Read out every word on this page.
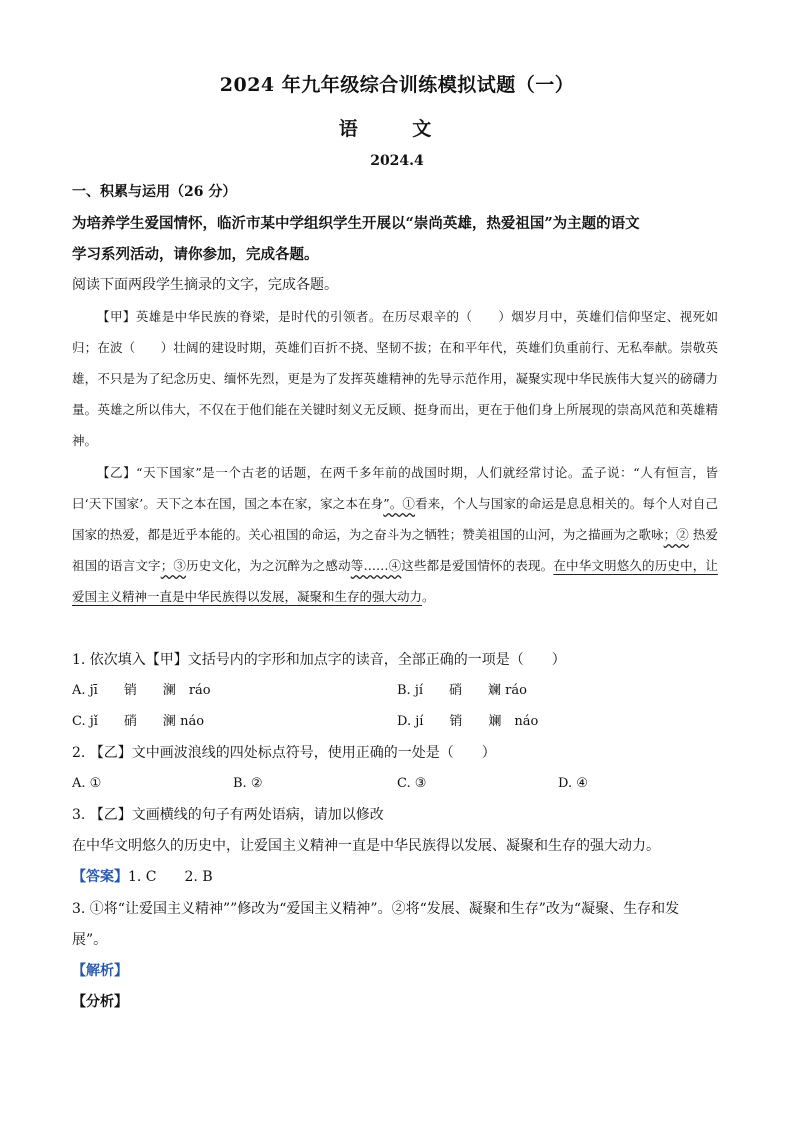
2024 年九年级综合训练模拟试题（一）
语 文
2024.4
一、积累与运用（26 分）
为培养学生爱国情怀，临沂市某中学组织学生开展以“崇尚英雄，热爱祖国”为主题的语文
学习系列活动，请你参加，完成各题。
阅读下面两段学生摘录的文字，完成各题。
【甲】英雄是中华民族的脊梁，是时代的引领者。在历尽艰辛的（　　）烟岁月中，英雄们信仰坚定、视死如归；在波（　　）壮阔的建设时期，英雄们百折不挠、坚韧不拔；在和平年代，英雄们负重前行、无私奉献。崇敬英雄，不只是为了纪念历史、缅怀先烈，更是为了发挥英雄精神的先导示范作用，凝聚实现中华民族伟大复兴的磅礴力量。英雄之所以伟大，不仅在于他们能在关键时刻义无反顾、挺身而出，更在于他们身上所展现的崇高风范和英雄精神。
【乙】“天下国家”是一个古老的话题，在两千多年前的战国时期，人们就经常讨论。孟子说：“人有恒言，皆曰‘天下国家’。天下之本在国，国之本在家，家之本在身”。①看来，个人与国家的命运是息息相关的。每个人对自己国家的热爱，都是近乎本能的。关心祖国的命运，为之奋斗为之牺牲；赞美祖国的山河，为之描画为之歌咏；② 热爱祖国的语言文字；③历史文化，为之沉醉为之感动等……④这些都是爱国情怀的表现。在中华文明悠久的历史中，让爱国主义精神一直是中华民族得以发展，凝聚和生存的强大动力。
1. 依次填入【甲】文括号内的字形和加点字的读音，全部正确的一项是（　　）
A. jī　　销　　澜　ráo	B. jí　　硝　　斓 ráo
C. jǐ　　硝　　澜 náo	D. jí　　销　　斓　náo
2. 【乙】文中画波浪线的四处标点符号，使用正确的一处是（　　）
A. ①	B. ②	C. ③	D. ④
3. 【乙】文画横线的句子有两处语病，请加以修改
在中华文明悠久的历史中，让爱国主义精神一直是中华民族得以发展、凝聚和生存的强大动力。
【答案】1. C　　2. B
3. ①将“让爱国主义精神””修改为“爱国主义精神”。②将“发展、凝聚和生存”改为“凝聚、生存和发
展”。
【解析】
【分析】
